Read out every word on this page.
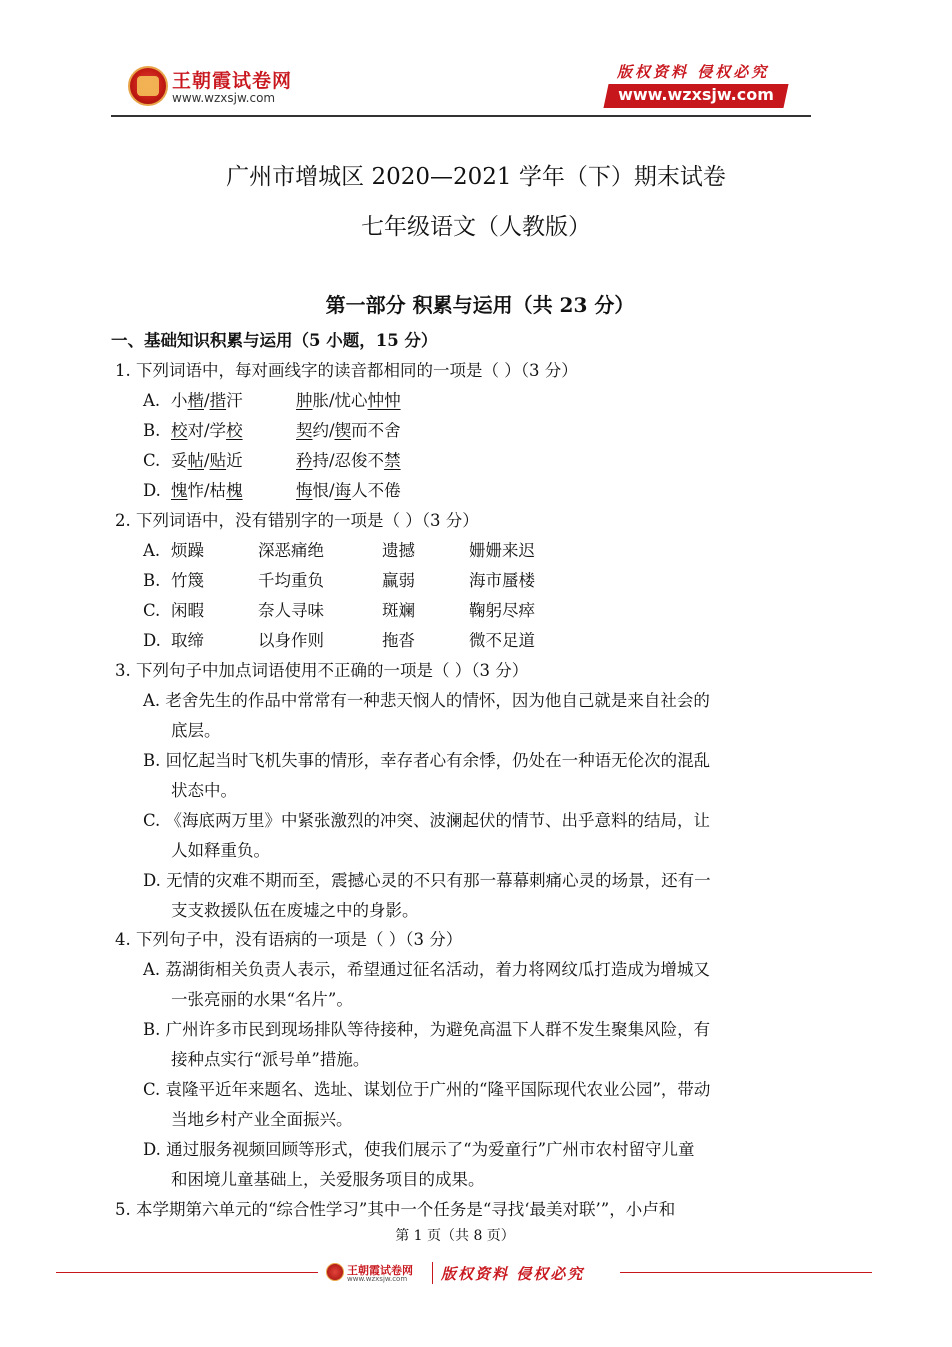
王朝霞试卷网
www.wzxsjw.com
版权资料 侵权必究
www.wzxsjw.com
广州市增城区 2020—2021 学年（下）期末试卷
七年级语文（人教版）
第一部分 积累与运用（共 23 分）
一、基础知识积累与运用（5 小题，15 分）
1. 下列词语中，每对画线字的读音都相同的一项是（ ）（3 分）
A. 小楷/揩汗	肿胀/忧心忡忡
B. 校对/学校	契约/锲而不舍
C. 妥帖/贴近	矜持/忍俊不禁
D. 愧怍/枯槐	悔恨/诲人不倦
2. 下列词语中，没有错别字的一项是（ ）（3 分）
A. 烦躁	深恶痛绝	遗撼	姗姗来迟
B. 竹篾	千均重负	赢弱	海市蜃楼
C. 闲暇	奈人寻味	斑斓	鞠躬尽瘁
D. 取缔	以身作则	拖沓	微不足道
3. 下列句子中加点词语使用不正确的一项是（ ）（3 分）
A. 老舍先生的作品中常常有一种悲天悯人的情怀，因为他自己就是来自社会的
底层。
B. 回忆起当时飞机失事的情形，幸存者心有余悸，仍处在一种语无伦次的混乱
状态中。
C. 《海底两万里》中紧张激烈的冲突、波澜起伏的情节、出乎意料的结局，让
人如释重负。
D. 无情的灾难不期而至，震撼心灵的不只有那一幕幕刺痛心灵的场景，还有一
支支救援队伍在废墟之中的身影。
4. 下列句子中，没有语病的一项是（ ）（3 分）
A. 荔湖街相关负责人表示，希望通过征名活动，着力将网纹瓜打造成为增城又
一张亮丽的水果“名片”。
B. 广州许多市民到现场排队等待接种，为避免高温下人群不发生聚集风险，有
接种点实行“派号单”措施。
C. 袁隆平近年来题名、选址、谋划位于广州的“隆平国际现代农业公园”，带动
当地乡村产业全面振兴。
D. 通过服务视频回顾等形式，使我们展示了“为爱童行”广州市农村留守儿童
和困境儿童基础上，关爱服务项目的成果。
5. 本学期第六单元的“综合性学习”其中一个任务是“寻找‘最美对联’”，小卢和
第 1 页（共 8 页）
王朝霞试卷网
www.wzxsjw.com 版权资料 侵权必究
